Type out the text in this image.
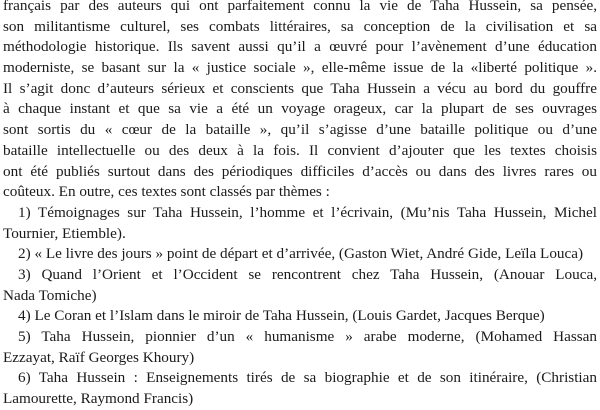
français par des auteurs qui ont parfaitement connu la vie de Taha Hussein, sa pensée,
son militantisme culturel, ses combats littéraires, sa conception de la civilisation et sa
méthodologie historique. Ils savent aussi qu’il a œuvré pour l’avènement d’une éducation
moderniste, se basant sur la « justice sociale », elle-même issue de la «liberté politique ».
Il s’agit donc d’auteurs sérieux et conscients que Taha Hussein a vécu au bord du gouffre
à chaque instant et que sa vie a été un voyage orageux, car la plupart de ses ouvrages
sont sortis du « cœur de la bataille », qu’il s’agisse d’une bataille politique ou d’une
bataille intellectuelle ou des deux à la fois. Il convient d’ajouter que les textes choisis
ont été publiés surtout dans des périodiques difficiles d’accès ou dans des livres rares ou
coûteux. En outre, ces textes sont classés par thèmes :
1) Témoignages sur Taha Hussein, l’homme et l’écrivain, (Mu’nis Taha Hussein, Michel
Tournier, Etiemble).
2) « Le livre des jours » point de départ et d’arrivée, (Gaston Wiet, André Gide, Leïla Louca)
3) Quand l’Orient et l’Occident se rencontrent chez Taha Hussein, (Anouar Louca,
Nada Tomiche)
4) Le Coran et l’Islam dans le miroir de Taha Hussein, (Louis Gardet, Jacques Berque)
5) Taha Hussein, pionnier d’un « humanisme » arabe moderne, (Mohamed Hassan
Ezzayat, Raïf Georges Khoury)
6) Taha Hussein : Enseignements tirés de sa biographie et de son itinéraire, (Christian
Lamourette, Raymond Francis)
